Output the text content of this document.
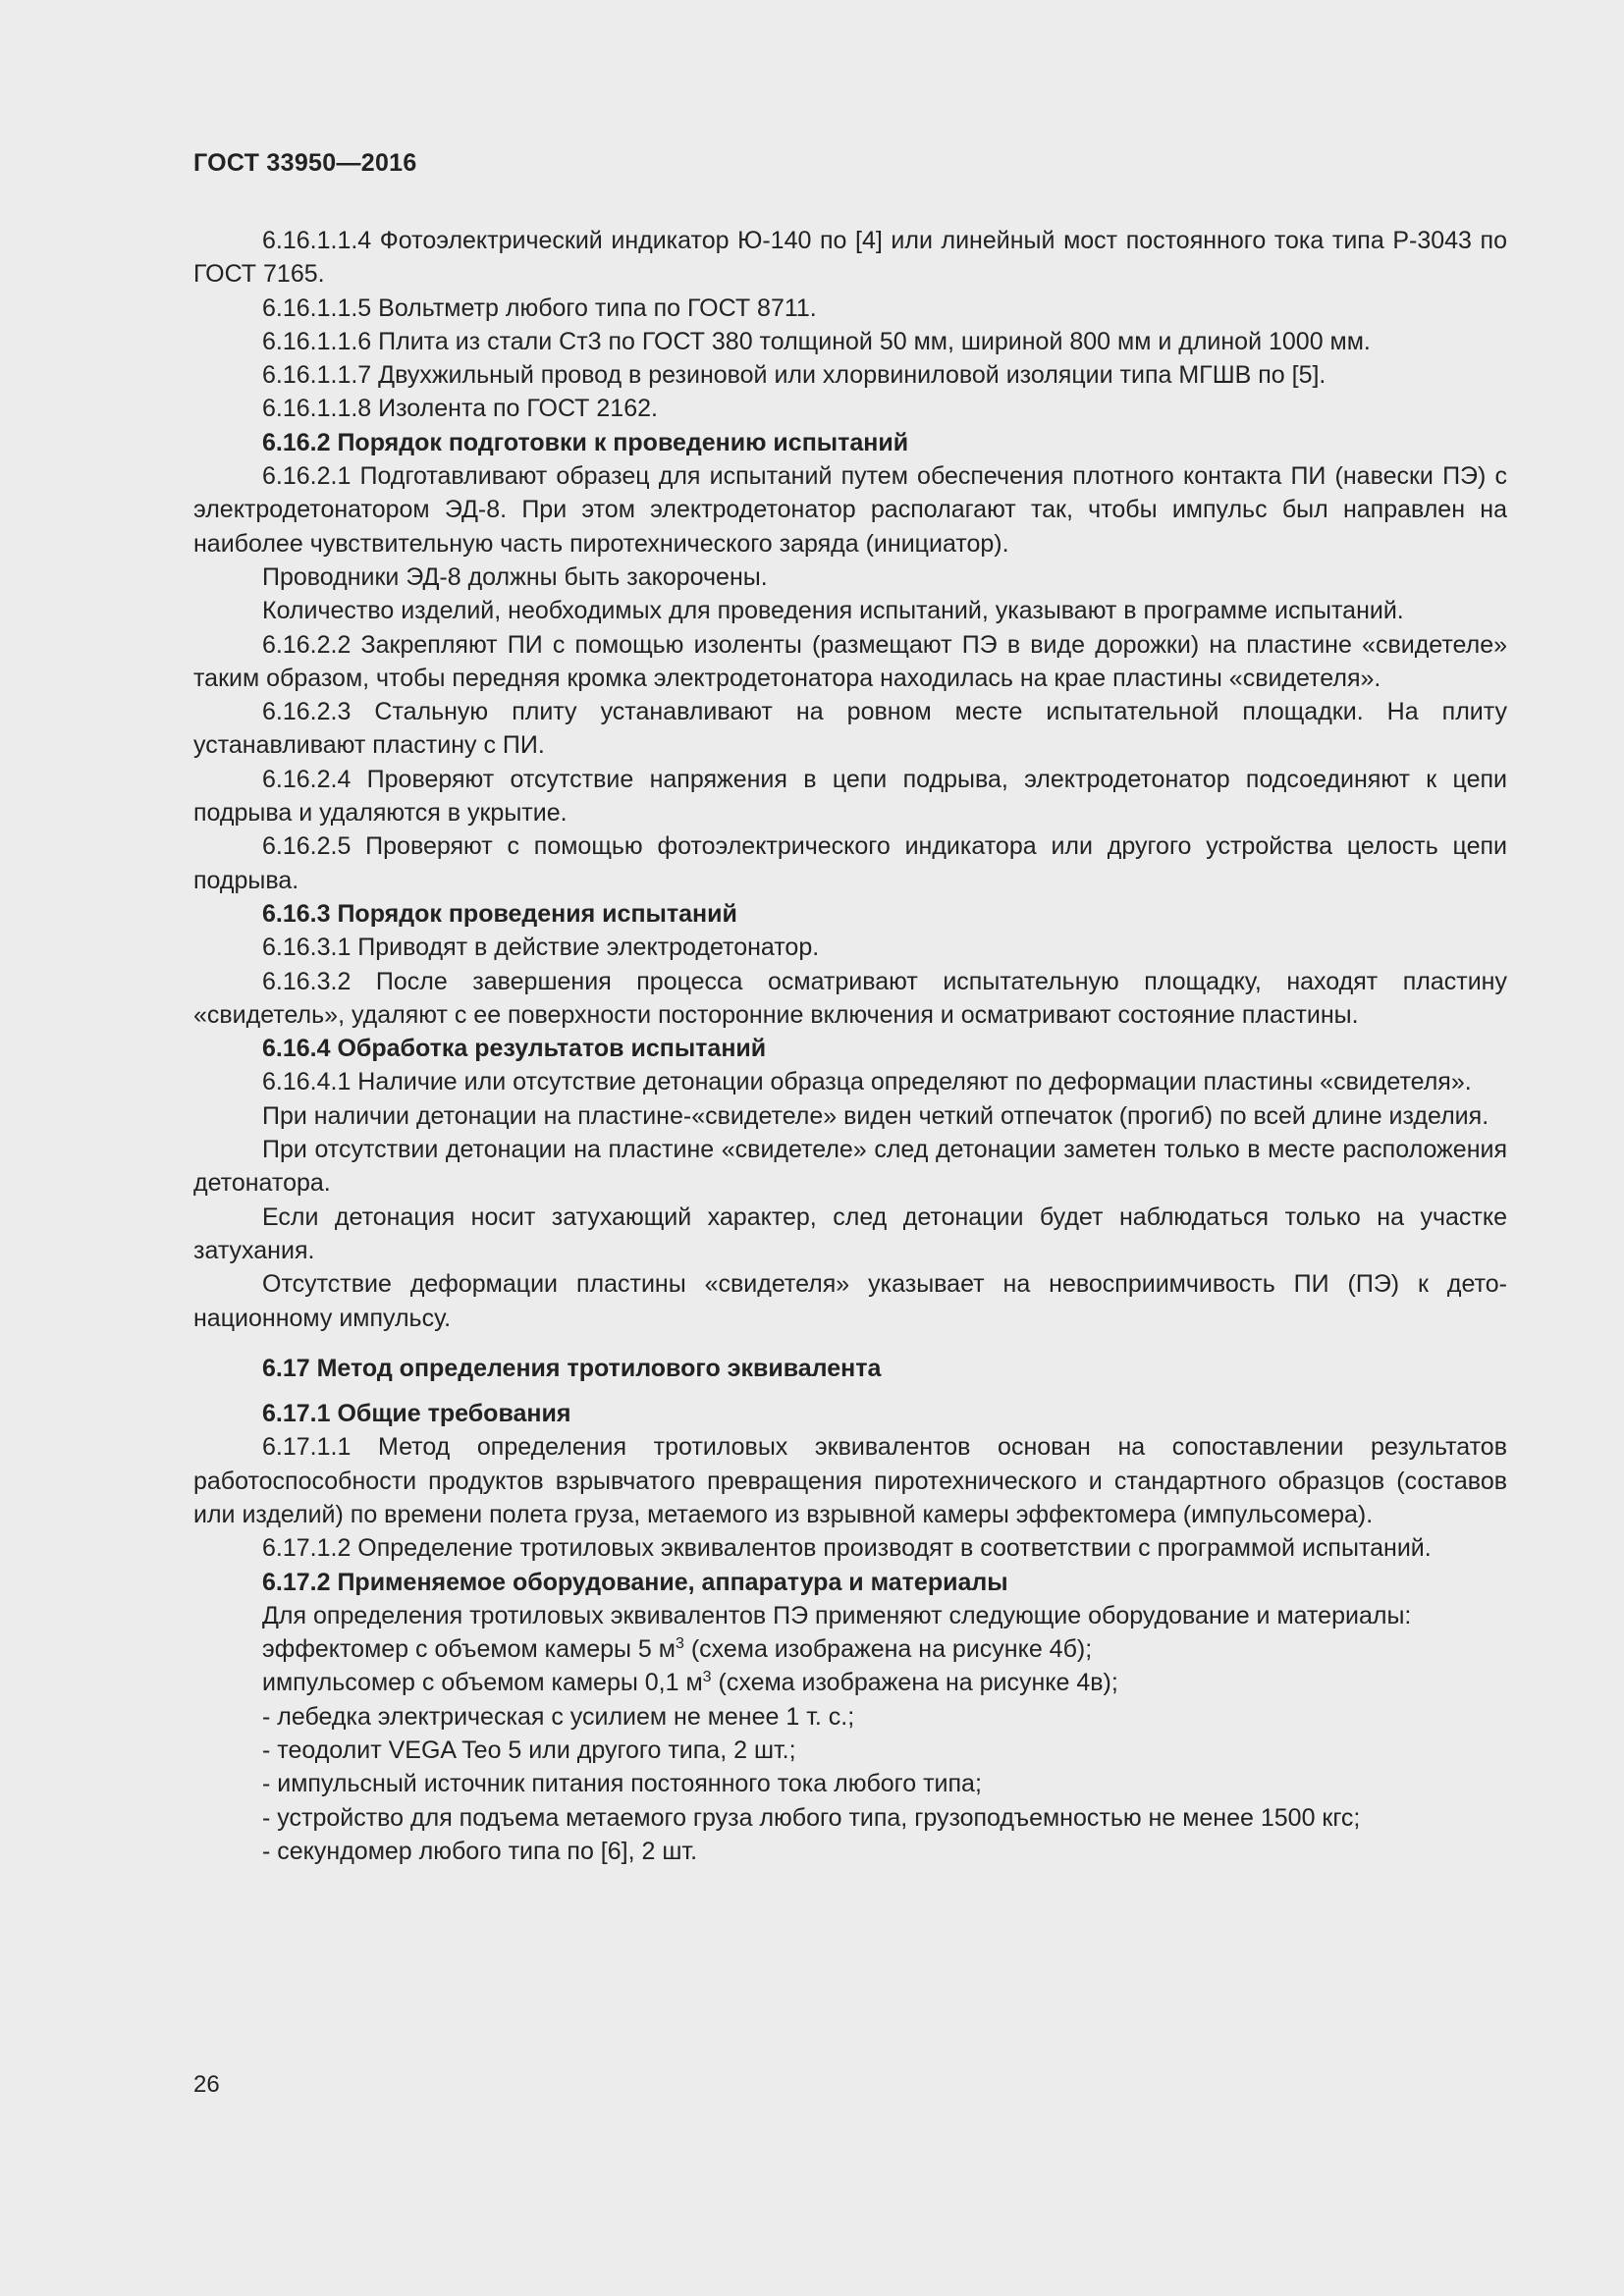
ГОСТ 33950—2016

6.16.1.1.4 Фотоэлектрический индикатор Ю-140 по [4] или линейный мост постоянного тока типа Р-3043 по ГОСТ 7165.

6.16.1.1.5 Вольтметр любого типа по ГОСТ 8711.

6.16.1.1.6 Плита из стали Ст3 по ГОСТ 380 толщиной 50 мм, шириной 800 мм и длиной 1000 мм.

6.16.1.1.7 Двухжильный провод в резиновой или хлорвиниловой изоляции типа МГШВ по [5].

6.16.1.1.8 Изолента по ГОСТ 2162.

6.16.2 Порядок подготовки к проведению испытаний

6.16.2.1 Подготавливают образец для испытаний путем обеспечения плотного контакта ПИ (навески ПЭ) с электродетонатором ЭД-8. При этом электродетонатор располагают так, чтобы импульс был направлен на наиболее чувствительную часть пиротехнического заряда (инициатор).

Проводники ЭД-8 должны быть закорочены.

Количество изделий, необходимых для проведения испытаний, указывают в программе испытаний.

6.16.2.2 Закрепляют ПИ с помощью изоленты (размещают ПЭ в виде дорожки) на пластине «свидетеле» таким образом, чтобы передняя кромка электродетонатора находилась на крае пластины «свидетеля».

6.16.2.3 Стальную плиту устанавливают на ровном месте испытательной площадки. На плиту устанавливают пластину с ПИ.

6.16.2.4 Проверяют отсутствие напряжения в цепи подрыва, электродетонатор подсоединяют к цепи подрыва и удаляются в укрытие.

6.16.2.5 Проверяют с помощью фотоэлектрического индикатора или другого устройства целость цепи подрыва.

6.16.3 Порядок проведения испытаний

6.16.3.1 Приводят в действие электродетонатор.

6.16.3.2 После завершения процесса осматривают испытательную площадку, находят пластину «свидетель», удаляют с ее поверхности посторонние включения и осматривают состояние пластины.

6.16.4 Обработка результатов испытаний

6.16.4.1 Наличие или отсутствие детонации образца определяют по деформации пластины «свидетеля».

При наличии детонации на пластине-«свидетеле» виден четкий отпечаток (прогиб) по всей длине изделия.

При отсутствии детонации на пластине «свидетеле» след детонации заметен только в месте расположения детонатора.

Если детонация носит затухающий характер, след детонации будет наблюдаться только на участке затухания.

Отсутствие деформации пластины «свидетеля» указывает на невосприимчивость ПИ (ПЭ) к детонационному импульсу.

6.17 Метод определения тротилового эквивалента

6.17.1 Общие требования

6.17.1.1 Метод определения тротиловых эквивалентов основан на сопоставлении результатов работоспособности продуктов взрывчатого превращения пиротехнического и стандартного образцов (составов или изделий) по времени полета груза, метаемого из взрывной камеры эффектомера (импульсомера).

6.17.1.2 Определение тротиловых эквивалентов производят в соответствии с программой испытаний.

6.17.2 Применяемое оборудование, аппаратура и материалы

Для определения тротиловых эквивалентов ПЭ применяют следующие оборудование и материалы:

эффектомер с объемом камеры 5 $м^3$ (схема изображена на рисунке 4б);

импульсомер с объемом камеры 0,1 $м^3$ (схема изображена на рисунке 4в);

- лебедка электрическая с усилием не менее 1 т. с.;

- теодолит VEGA Teo 5 или другого типа, 2 шт.;

- импульсный источник питания постоянного тока любого типа;

- устройство для подъема метаемого груза любого типа, грузоподъемностью не менее 1500 кгс;

- секундомер любого типа по [6], 2 шт.

26
